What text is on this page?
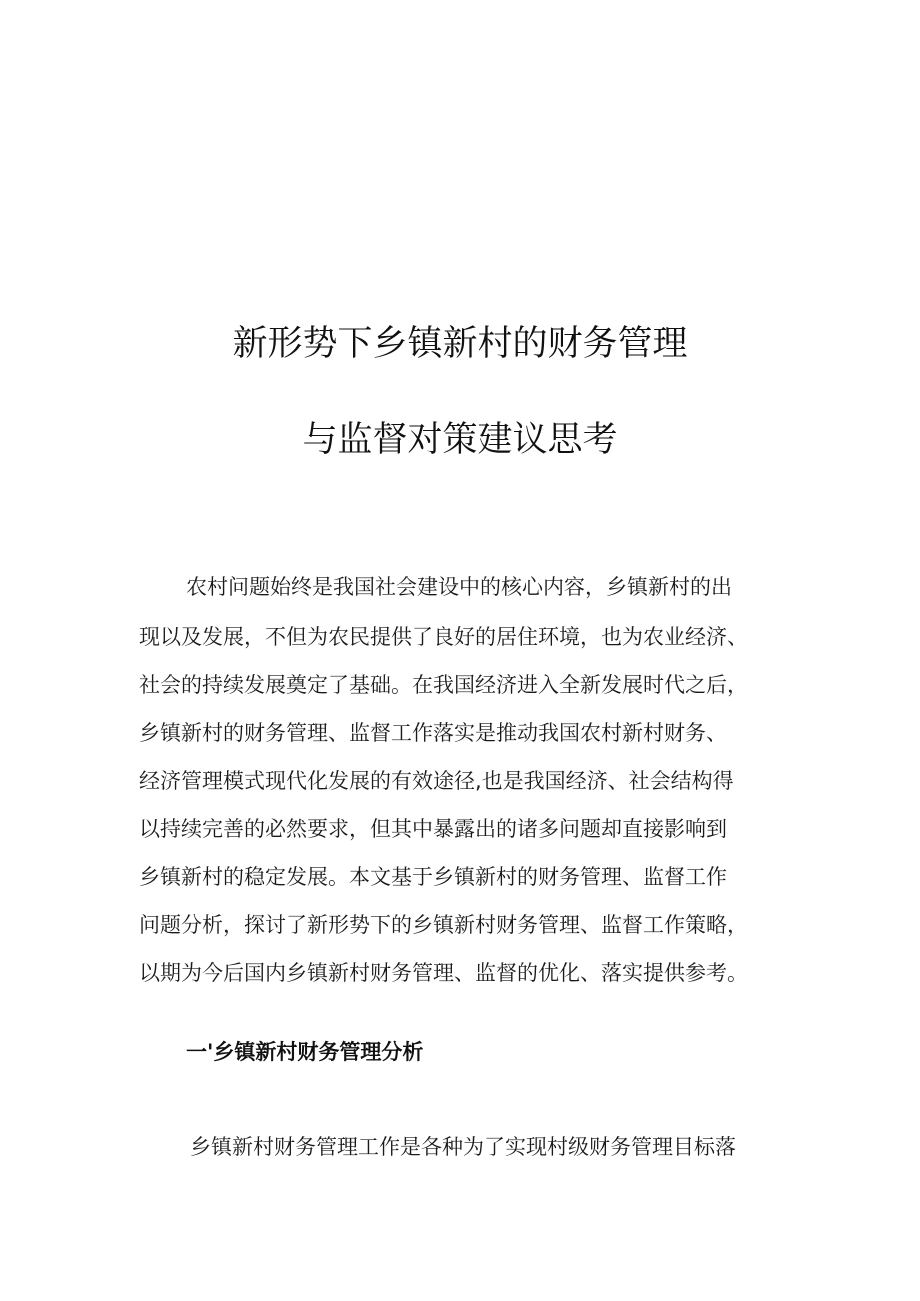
新形势下乡镇新村的财务管理
与监督对策建议思考
农村问题始终是我国社会建设中的核心内容，乡镇新村的出
现以及发展，不但为农民提供了良好的居住环境，也为农业经济、
社会的持续发展奠定了基础。在我国经济进入全新发展时代之后，
乡镇新村的财务管理、监督工作落实是推动我国农村新村财务、
经济管理模式现代化发展的有效途径,也是我国经济、社会结构得
以持续完善的必然要求，但其中暴露出的诸多问题却直接影响到
乡镇新村的稳定发展。本文基于乡镇新村的财务管理、监督工作
问题分析，探讨了新形势下的乡镇新村财务管理、监督工作策略，
以期为今后国内乡镇新村财务管理、监督的优化、落实提供参考。
一'乡镇新村财务管理分析
乡镇新村财务管理工作是各种为了实现村级财务管理目标落
